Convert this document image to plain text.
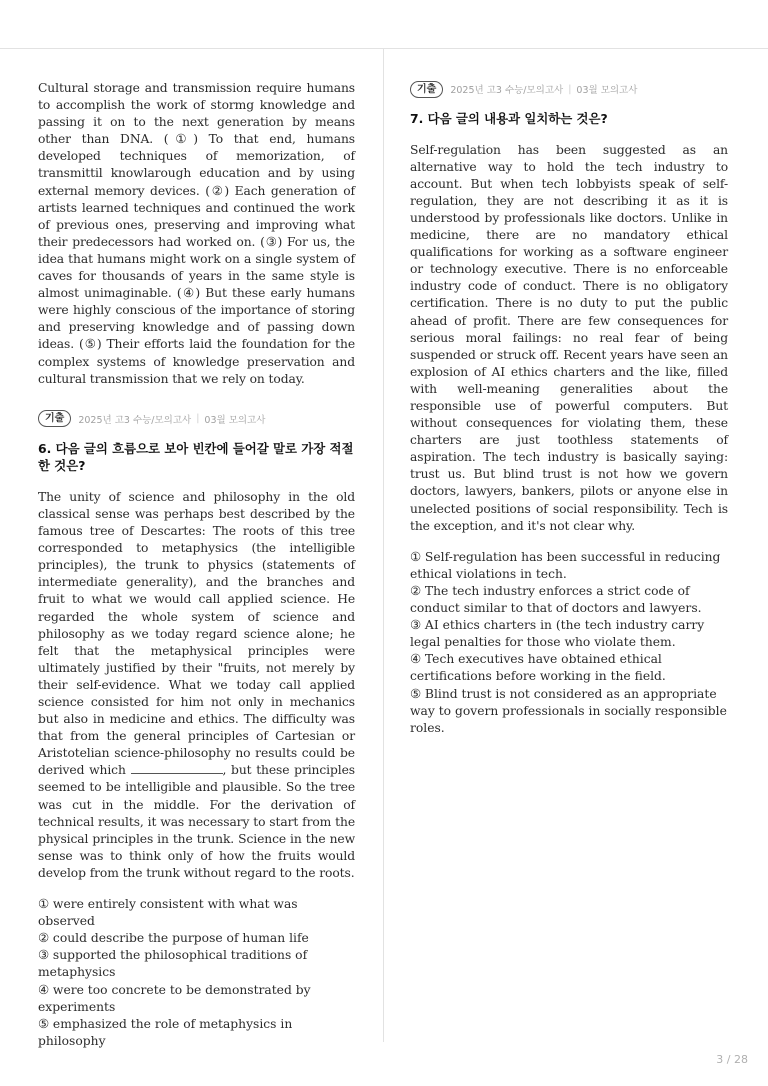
Cultural storage and transmission require humans to accomplish the work of stormg knowledge and passing it on to the next generation by means other than DNA. (①) To that end, humans developed techniques of memorization, of transmittil knowlarough education and by using external memory devices. (②) Each generation of artists learned techniques and continued the work of previous ones, preserving and improving what their predecessors had worked on. (③) For us, the idea that humans might work on a single system of caves for thousands of years in the same style is almost unimaginable. (④) But these early humans were highly conscious of the importance of storing and preserving knowledge and of passing down ideas. (⑤) Their efforts laid the foundation for the complex systems of knowledge preservation and cultural transmission that we rely on today.

기출	2025년 고3 수능/모의고사 | 03월 모의고사
6. 다음 글의 흐름으로 보아 빈칸에 들어갈 말로 가장 적절한 것은?

The unity of science and philosophy in the old classical sense was perhaps best described by the famous tree of Descartes: The roots of this tree corresponded to metaphysics (the intelligible principles), the trunk to physics (statements of intermediate generality), and the branches and fruit to what we would call applied science. He regarded the whole system of science and philosophy as we today regard science alone; he felt that the metaphysical principles were ultimately justified by their "fruits, not merely by their self-evidence. What we today call applied science consisted for him not only in mechanics but also in medicine and ethics. The difficulty was that from the general principles of Cartesian or Aristotelian science-philosophy no results could be derived which	, but these principles seemed to be intelligible and plausible. So the tree was cut in the middle. For the derivation of technical results, it was necessary to start from the physical principles in the trunk. Science in the new sense was to think only of how the fruits would develop from the trunk without regard to the roots.

① were entirely consistent with what was observed

② could describe the purpose of human life

③ supported the philosophical traditions of metaphysics

④ were too concrete to be demonstrated by experiments

⑤ emphasized the role of metaphysics in philosophy

기출	2025년 고3 수능/모의고사 | 03월 모의고사
7. 다음 글의 내용과 일치하는 것은?

Self-regulation has been suggested as an alternative way to hold the tech industry to account. But when tech lobbyists speak of self-regulation, they are not describing it as it is understood by professionals like doctors. Unlike in medicine, there are no mandatory ethical qualifications for working as a software engineer or technology executive. There is no enforceable industry code of conduct. There is no obligatory certification. There is no duty to put the public ahead of profit. There are few consequences for serious moral failings: no real fear of being suspended or struck off. Recent years have seen an explosion of AI ethics charters and the like, filled with well-meaning generalities about the responsible use of powerful computers. But without consequences for violating them, these charters are just toothless statements of aspiration. The tech industry is basically saying: trust us. But blind trust is not how we govern doctors, lawyers, bankers, pilots or anyone else in unelected positions of social responsibility. Tech is the exception, and it's not clear why.

① Self-regulation has been successful in reducing ethical violations in tech.

② The tech industry enforces a strict code of conduct similar to that of doctors and lawyers.

③ AI ethics charters in (the tech industry carry legal penalties for those who violate them.

④ Tech executives have obtained ethical certifications before working in the field.

⑤ Blind trust is not considered as an appropriate way to govern professionals in socially responsible roles.

3 / 28
